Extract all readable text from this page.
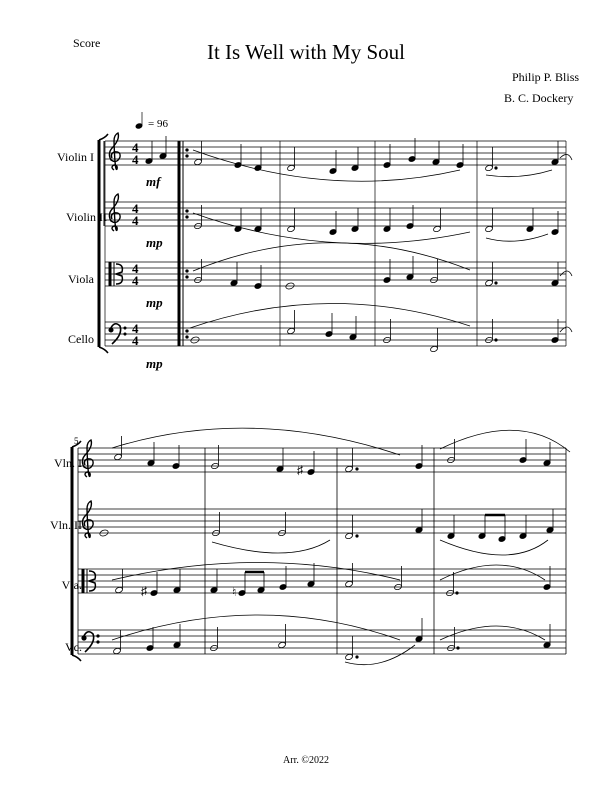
Score	It Is Well with My Soul
Philip P. Bliss
B. C. Dockery
= 96
Violin I
Violin II
Viola
Cello
mf
mp
mp
mp
Vln. I
Vln. II
Vla.
Vc.
5
Arr. ©2022
4
4
4
4
4
4
4
4
♯
♯	♮
